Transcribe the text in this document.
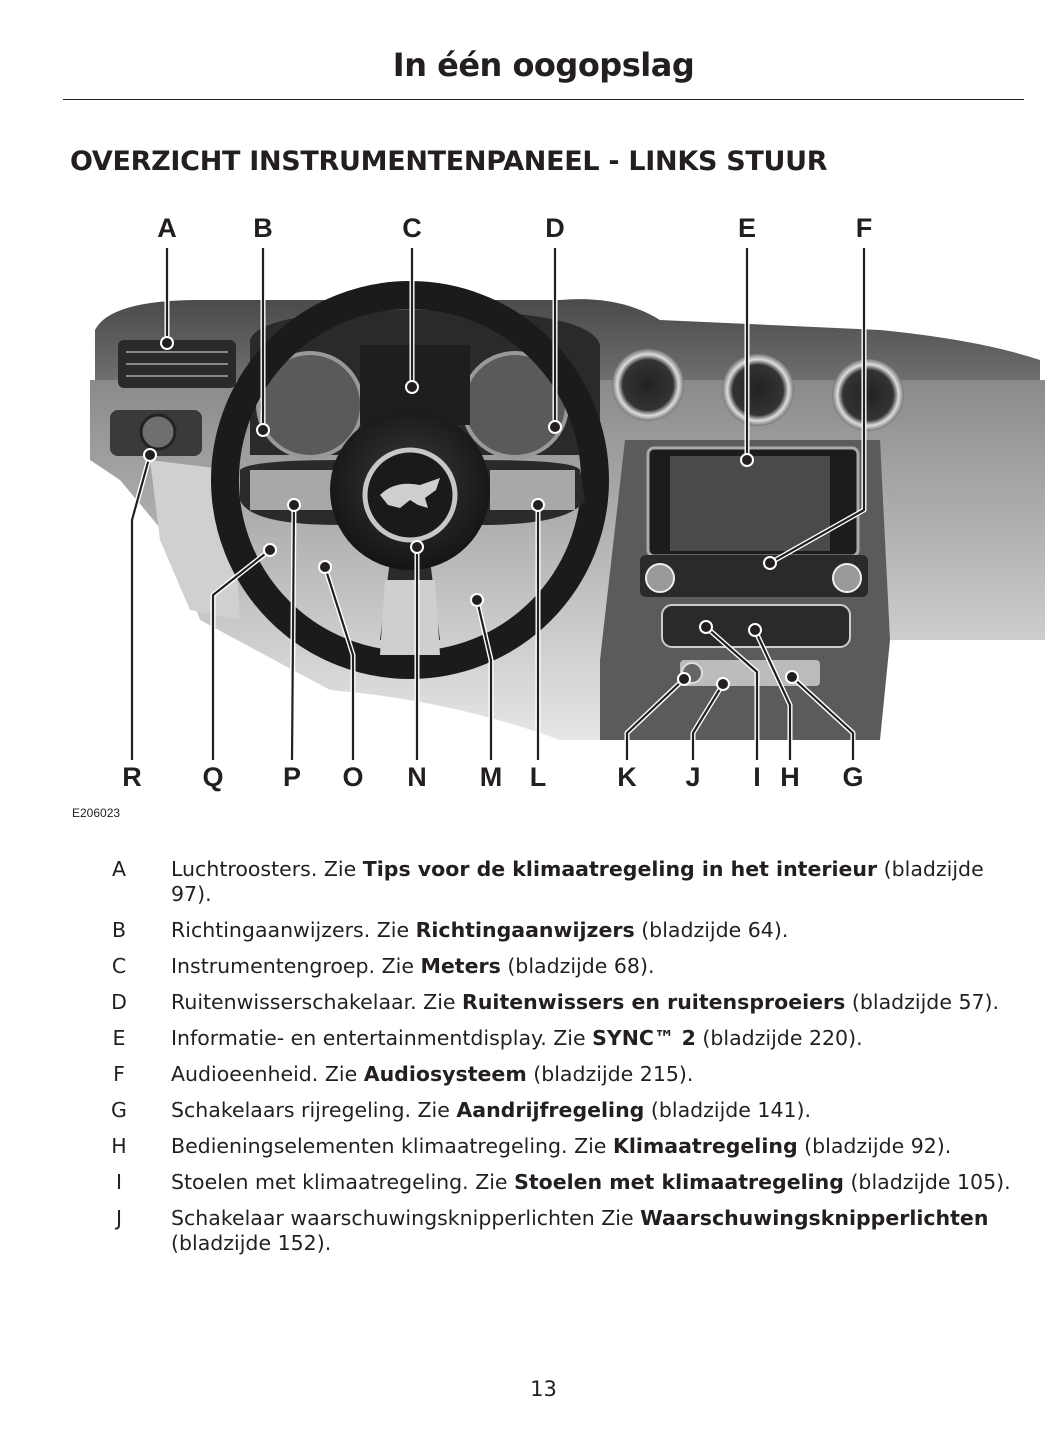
In één oogopslag
OVERZICHT INSTRUMENTENPANEEL - LINKS STUUR
A	B	C	D	E	F
R Q P O N M L	K J	I H G
E206023
A	Luchtroosters. Zie Tips voor de klimaatregeling in het interieur (bladzijde 97).
B	Richtingaanwijzers. Zie Richtingaanwijzers (bladzijde 64).
C	Instrumentengroep. Zie Meters (bladzijde 68).
D	Ruitenwisserschakelaar. Zie Ruitenwissers en ruitensproeiers (bladzijde 57).
E	Informatie- en entertainmentdisplay. Zie SYNC™ 2 (bladzijde 220).
F	Audioeenheid. Zie Audiosysteem (bladzijde 215).
G	Schakelaars rijregeling. Zie Aandrijfregeling (bladzijde 141).
H	Bedieningselementen klimaatregeling. Zie Klimaatregeling (bladzijde 92).
I	Stoelen met klimaatregeling. Zie Stoelen met klimaatregeling (bladzijde 105).
J	Schakelaar waarschuwingsknipperlichten Zie Waarschuwingsknipperlichten (bladzijde 152).
13
